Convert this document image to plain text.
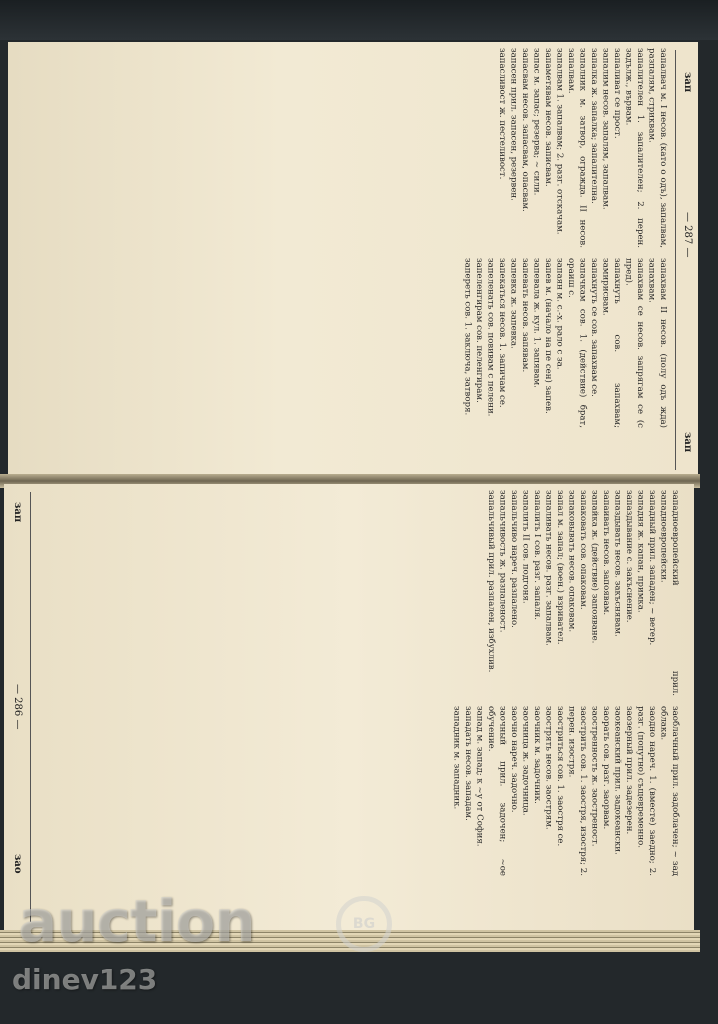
зап
— 287 —
зап
запалвач м. I несов. (като о одъ), запалвам, разпалям, стриквам.
запалителен 1. запалителен; 2. перен. задълж., вървам.
запаливат се прост.
запалим несов. запалям, запалвам.
запалка ж. запалка; запалителна.
запалник м. затвор, огражда. II несов. запалвам.
запалвам 1. запалвам; 2. разг. отскачам.
запаметявам несов. записвам.
запас м. запас; резерва; ~ сили.
запасвам несов. запасвам, опасвам.
запасен прил. запасен, резервен.
запасливост ж. пестеливост.
запахвам II несов. (полу одъ жда) запахвам.
запахвам се несов. запрягам се (с пред).
запахнуть сов. запахвам; замирисвам.
запахнуть се сов. запахвам се.
запачкам сов. 1. (действие) брат, ораиш с.
запаян м. с.-х. рало с за.
запев м. (начало на пе сен) запев.
запевала ж. кул. 1. запявам.
запевать несов. запявам.
запевка ж. запевка.
запекаться несов. 1. запичам се.
запеленать сов. повивам с пелени.
запеленгирам сов. пеленгирам.
запереть сов. 1. заключа, затворя.
зап
— 286 —
зао	заоблачный прил. задоблачен; ~ зад облака.
заодно нареч. 1. (вместе) заедно; 2. разг. (попутно) същевременно.
заозерный прил. задезерен.
заокеанский прил. задокеански.
заорать сов. разг. заорвам.
заостренность ж. заостреност.
заострить сов. 1. заостря, изостря; 2. перен. изостря.
заостриться сов. 1. заостря се.
заострять несов. заострям.
заочник м. задочник.
заочница ж. задочница.
заочно нареч. задочно.
заочный прил. задочен; ~ое обучение.
запад м. запад; к ~у от София.
западать несов. западам.
западник м. западник.
западноевропейский прил. западноевропейски.
западный прил. западен; ~ ветер.
западня ж. капан, примка.
запаздывание с. закъснение.
запаздывать несов. закъснявам.
запаивать несов. запоявам.
запайка ж. (действие) запояване.
запаковать сов. опаковам.
запаковывать несов. опаковам.
запал м. запал; (воен.) взривател.
запаливать несов. разг. запалвам.
запалить I сов. разг. запаля.
запалить II сов. подгоня.
запальчиво нареч. разпалено.
запальчивость ж. разпаленост.
запальчивый прил. разпален, избухлив.
auction	BG
dinev123
